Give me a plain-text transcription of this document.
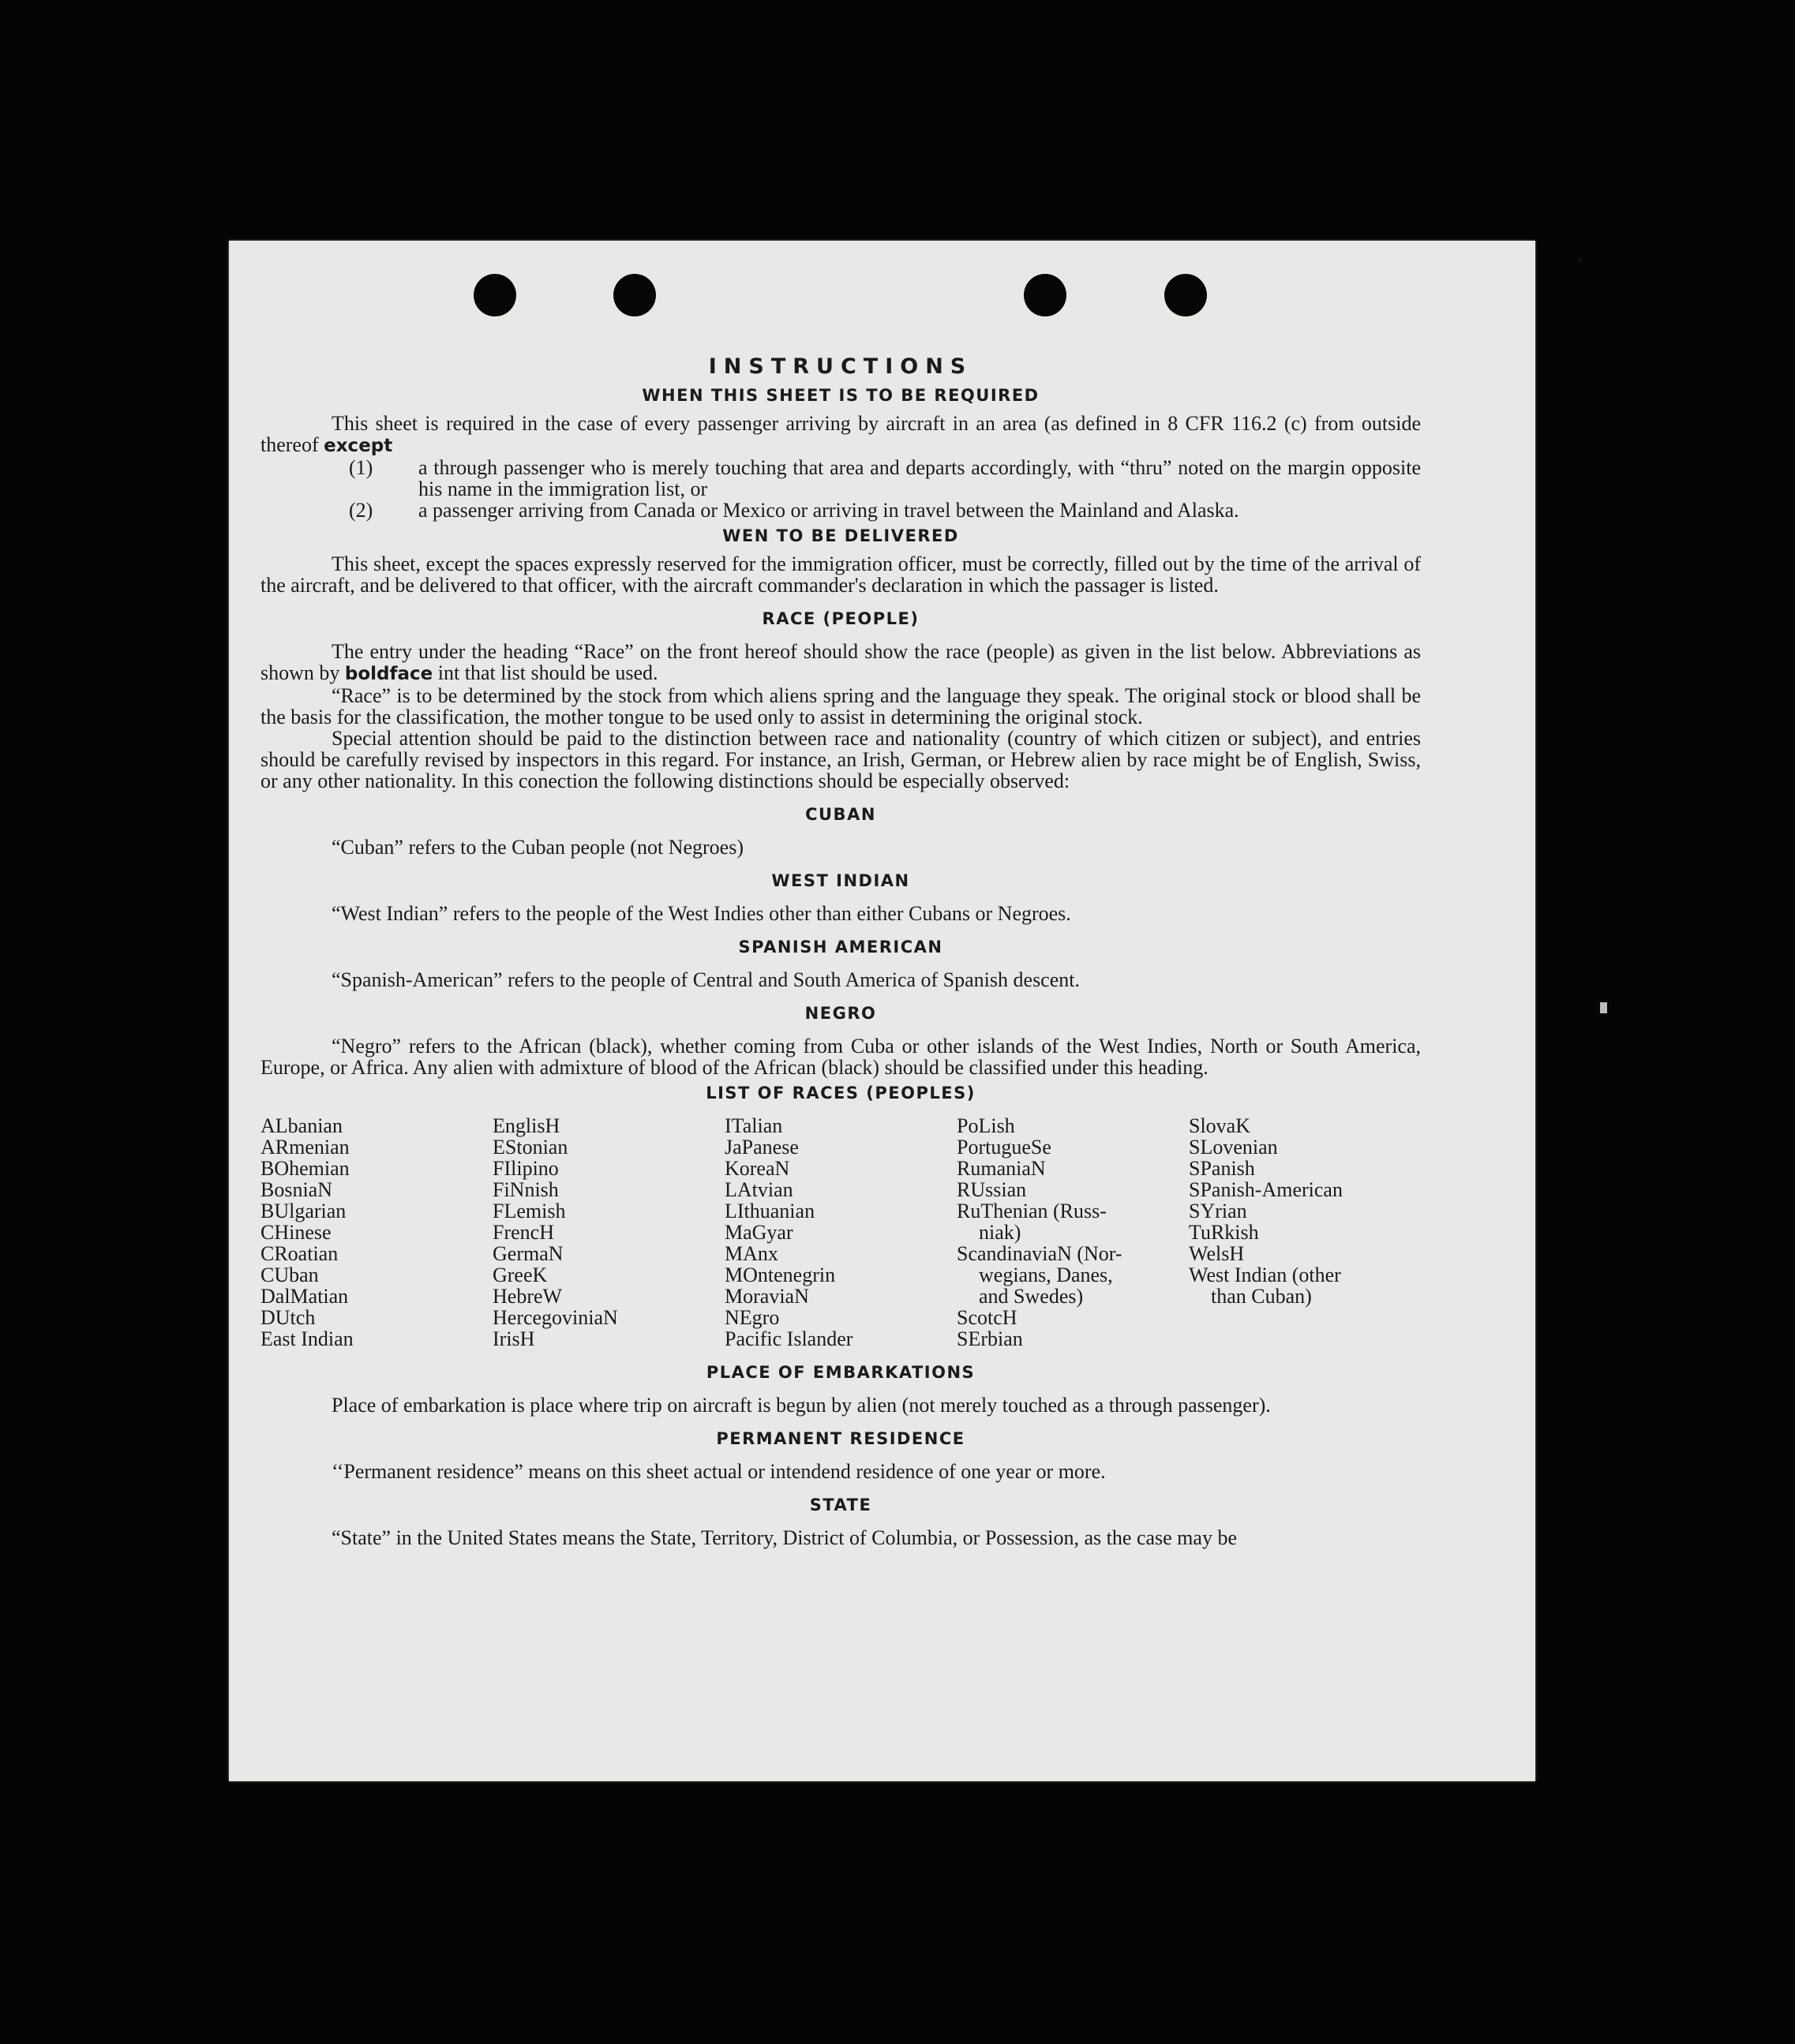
INSTRUCTIONS
WHEN THIS SHEET IS TO BE REQUIRED

This sheet is required in the case of every passenger arriving by aircraft in an area (as defined in 8 CFR 116.2 (c) from outside thereof except

(1) a through passenger who is merely touching that area and departs accordingly, with “thru” noted on the margin opposite his name in the immigration list, or
(2) a passenger arriving from Canada or Mexico or arriving in travel between the Mainland and Alaska.
WEN TO BE DELIVERED

This sheet, except the spaces expressly reserved for the immigration officer, must be correctly, filled out by the time of the arrival of the aircraft, and be delivered to that officer, with the aircraft commander's declaration in which the passager is listed.

RACE (PEOPLE)

The entry under the heading “Race” on the front hereof should show the race (people) as given in the list below. Abbreviations as shown by boldface int that list should be used.

“Race” is to be determined by the stock from which aliens spring and the language they speak. The original stock or blood shall be the basis for the classification, the mother tongue to be used only to assist in determining the original stock.

Special attention should be paid to the distinction between race and nationality (country of which citizen or subject), and entries should be carefully revised by inspectors in this regard. For instance, an Irish, German, or Hebrew alien by race might be of English, Swiss, or any other nationality. In this conection the following distinctions should be especially observed:

CUBAN

“Cuban” refers to the Cuban people (not Negroes)

WEST INDIAN

“West Indian” refers to the people of the West Indies other than either Cubans or Negroes.

SPANISH AMERICAN

“Spanish-American” refers to the people of Central and South America of Spanish descent.

NEGRO

“Negro” refers to the African (black), whether coming from Cuba or other islands of the West Indies, North or South America, Europe, or Africa. Any alien with admixture of blood of the African (black) should be classified under this heading.

LIST OF RACES (PEOPLES)
ALbanian
ARmenian
BOhemian
BosniaN
BUlgarian
CHinese
CRoatian
CUban
DalMatian
DUtch
East Indian
EnglisH
EStonian
FIlipino
FiNnish
FLemish
FrencH
GermaN
GreeK
HebreW
HercegoviniaN
IrisH
ITalian
JaPanese
KoreaN
LAtvian
LIthuanian
MaGyar
MAnx
MOntenegrin
MoraviaN
NEgro
Pacific Islander
PoLish
PortugueSe
RumaniaN
RUssian
RuThenian (Russ-
niak)
ScandinaviaN (Nor-
wegians, Danes,
and Swedes)
ScotcH
SErbian
SlovaK
SLovenian
SPanish
SPanish-American
SYrian
TuRkish
WelsH
West Indian (other
than Cuban)
PLACE OF EMBARKATIONS

Place of embarkation is place where trip on aircraft is begun by alien (not merely touched as a through passenger).

PERMANENT RESIDENCE

‘‘Permanent residence” means on this sheet actual or intendend residence of one year or more.

STATE

“State” in the United States means the State, Territory, District of Columbia, or Possession, as the case may be
